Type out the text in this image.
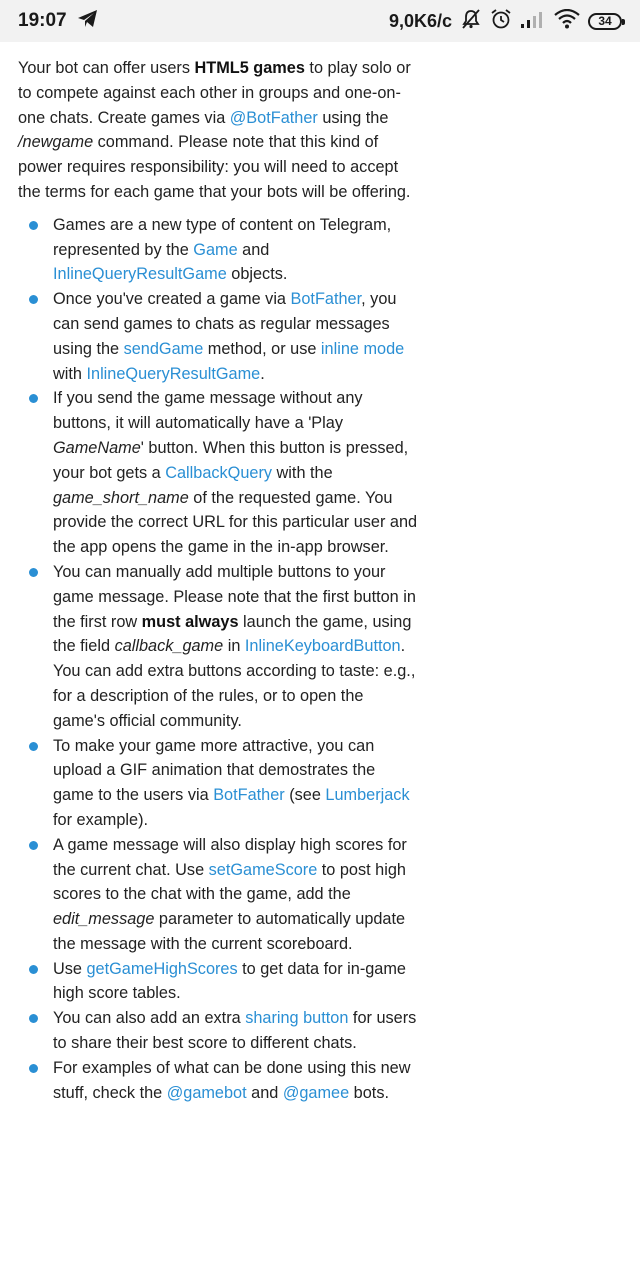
19:07	9,0K6/c	34

Your bot can offer users HTML5 games to play solo or to compete against each other in groups and one-on-one chats. Create games via @BotFather using the /newgame command. Please note that this kind of power requires responsibility: you will need to accept the terms for each game that your bots will be offering.

Games are a new type of content on Telegram, represented by the Game and InlineQueryResultGame objects.
Once you've created a game via BotFather, you can send games to chats as regular messages using the sendGame method, or use inline mode with InlineQueryResultGame.
If you send the game message without any buttons, it will automatically have a 'Play GameName' button. When this button is pressed, your bot gets a CallbackQuery with the game_short_name of the requested game. You provide the correct URL for this particular user and the app opens the game in the in-app browser.
You can manually add multiple buttons to your game message. Please note that the first button in the first row must always launch the game, using the field callback_game in InlineKeyboardButton. You can add extra buttons according to taste: e.g., for a description of the rules, or to open the game's official community.
To make your game more attractive, you can upload a GIF animation that demostrates the game to the users via BotFather (see Lumberjack for example).
A game message will also display high scores for the current chat. Use setGameScore to post high scores to the chat with the game, add the edit_message parameter to automatically update the message with the current scoreboard.
Use getGameHighScores to get data for in-game high score tables.
You can also add an extra sharing button for users to share their best score to different chats.
For examples of what can be done using this new stuff, check the @gamebot and @gamee bots.
